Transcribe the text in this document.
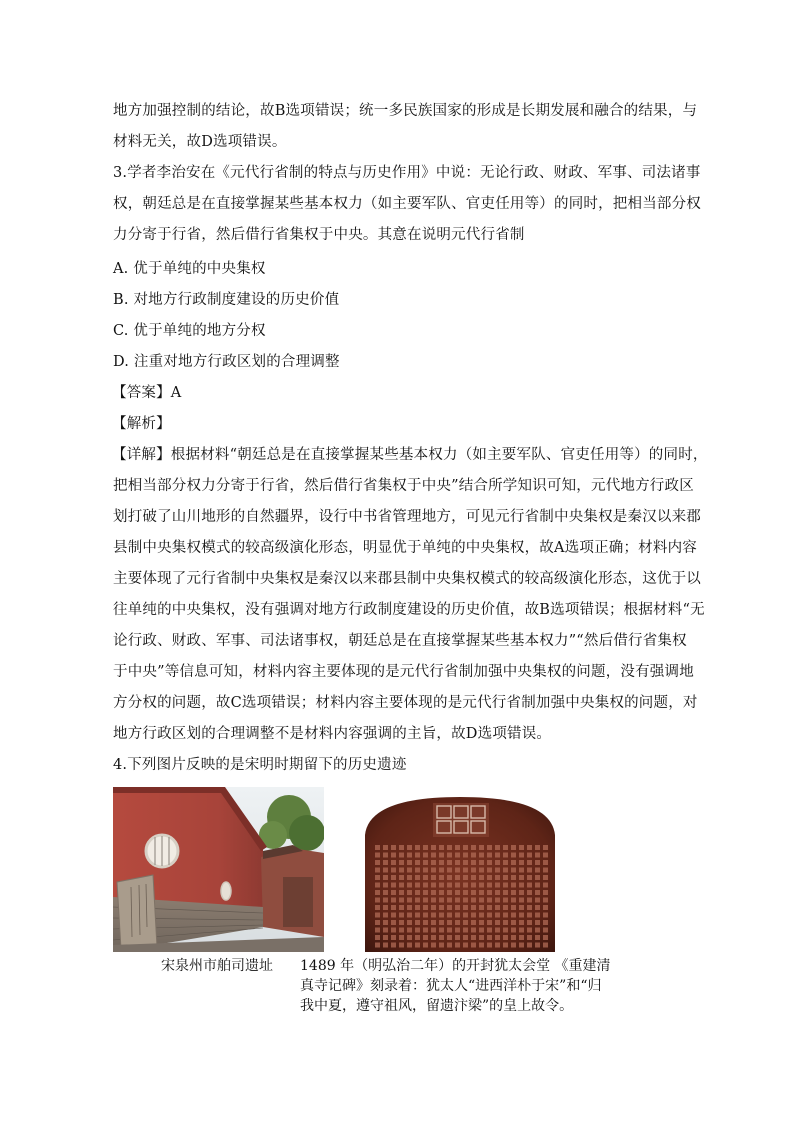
地方加强控制的结论，故B选项错误；统一多民族国家的形成是长期发展和融合的结果，与
材料无关，故D选项错误。
3.学者李治安在《元代行省制的特点与历史作用》中说：无论行政、财政、军事、司法诸事
权，朝廷总是在直接掌握某些基本权力（如主要军队、官吏任用等）的同时，把相当部分权
力分寄于行省，然后借行省集权于中央。其意在说明元代行省制
A. 优于单纯的中央集权
B. 对地方行政制度建设的历史价值
C. 优于单纯的地方分权
D. 注重对地方行政区划的合理调整
【答案】A
【解析】
【详解】根据材料“朝廷总是在直接掌握某些基本权力（如主要军队、官吏任用等）的同时，
把相当部分权力分寄于行省，然后借行省集权于中央”结合所学知识可知，元代地方行政区
划打破了山川地形的自然疆界，设行中书省管理地方，可见元行省制中央集权是秦汉以来郡
县制中央集权模式的较高级演化形态，明显优于单纯的中央集权，故A选项正确；材料内容
主要体现了元行省制中央集权是秦汉以来郡县制中央集权模式的较高级演化形态，这优于以
往单纯的中央集权，没有强调对地方行政制度建设的历史价值，故B选项错误；根据材料“无
论行政、财政、军事、司法诸事权，朝廷总是在直接掌握某些基本权力”“然后借行省集权
于中央”等信息可知，材料内容主要体现的是元代行省制加强中央集权的问题，没有强调地
方分权的问题，故C选项错误；材料内容主要体现的是元代行省制加强中央集权的问题，对
地方行政区划的合理调整不是材料内容强调的主旨，故D选项错误。
4.下列图片反映的是宋明时期留下的历史遗迹
宋泉州市舶司遗址 1489 年（明弘治二年）的开封犹太会堂 《重建清
真寺记碑》刻录着：犹太人“进西洋朴于宋”和“归
我中夏，遵守祖风，留遗汴梁”的皇上故令。
